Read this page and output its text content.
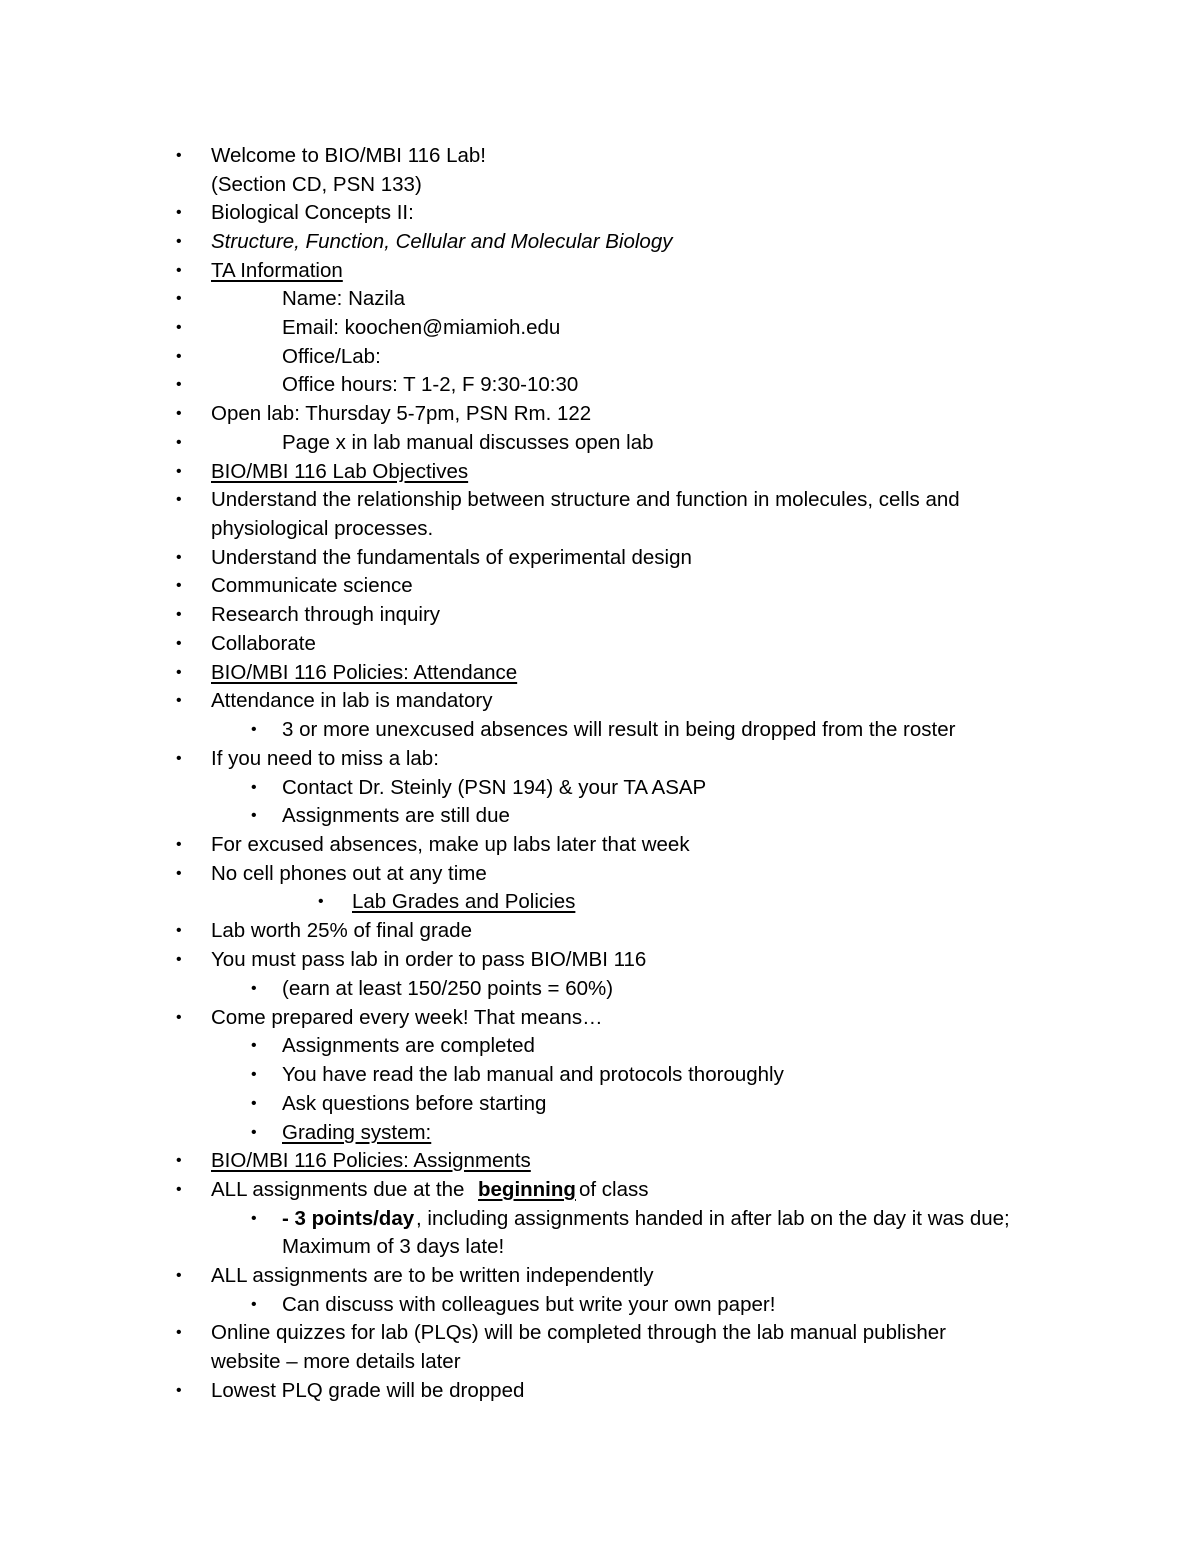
• Welcome to BIO/MBI 116 Lab!
(Section CD, PSN 133)
• Biological Concepts II:
• Structure, Function, Cellular and Molecular Biology
• TA Information
•	Name: Nazila
•	Email: koochen@miamioh.edu
•	Office/Lab:
•	Office hours: T 1-2, F 9:30-10:30
• Open lab: Thursday 5-7pm, PSN Rm. 122
•	Page x in lab manual discusses open lab
• BIO/MBI 116 Lab Objectives
• Understand the relationship between structure and function in molecules, cells and
physiological processes.
• Understand the fundamentals of experimental design
• Communicate science
• Research through inquiry
• Collaborate
• BIO/MBI 116 Policies: Attendance
• Attendance in lab is mandatory
• 3 or more unexcused absences will result in being dropped from the roster
• If you need to miss a lab:
• Contact Dr. Steinly (PSN 194) & your TA ASAP
• Assignments are still due
• For excused absences, make up labs later that week
• No cell phones out at any time
• Lab Grades and Policies
• Lab worth 25% of final grade
• You must pass lab in order to pass BIO/MBI 116
• (earn at least 150/250 points = 60%)
• Come prepared every week! That means…
• Assignments are completed
• You have read the lab manual and protocols thoroughly
• Ask questions before starting
• Grading system:
• BIO/MBI 116 Policies: Assignments
• ALL assignments due at the beginning of class
• - 3 points/day , including assignments handed in after lab on the day it was due;
Maximum of 3 days late!
• ALL assignments are to be written independently
• Can discuss with colleagues but write your own paper!
• Online quizzes for lab (PLQs) will be completed through the lab manual publisher
website – more details later
• Lowest PLQ grade will be dropped
